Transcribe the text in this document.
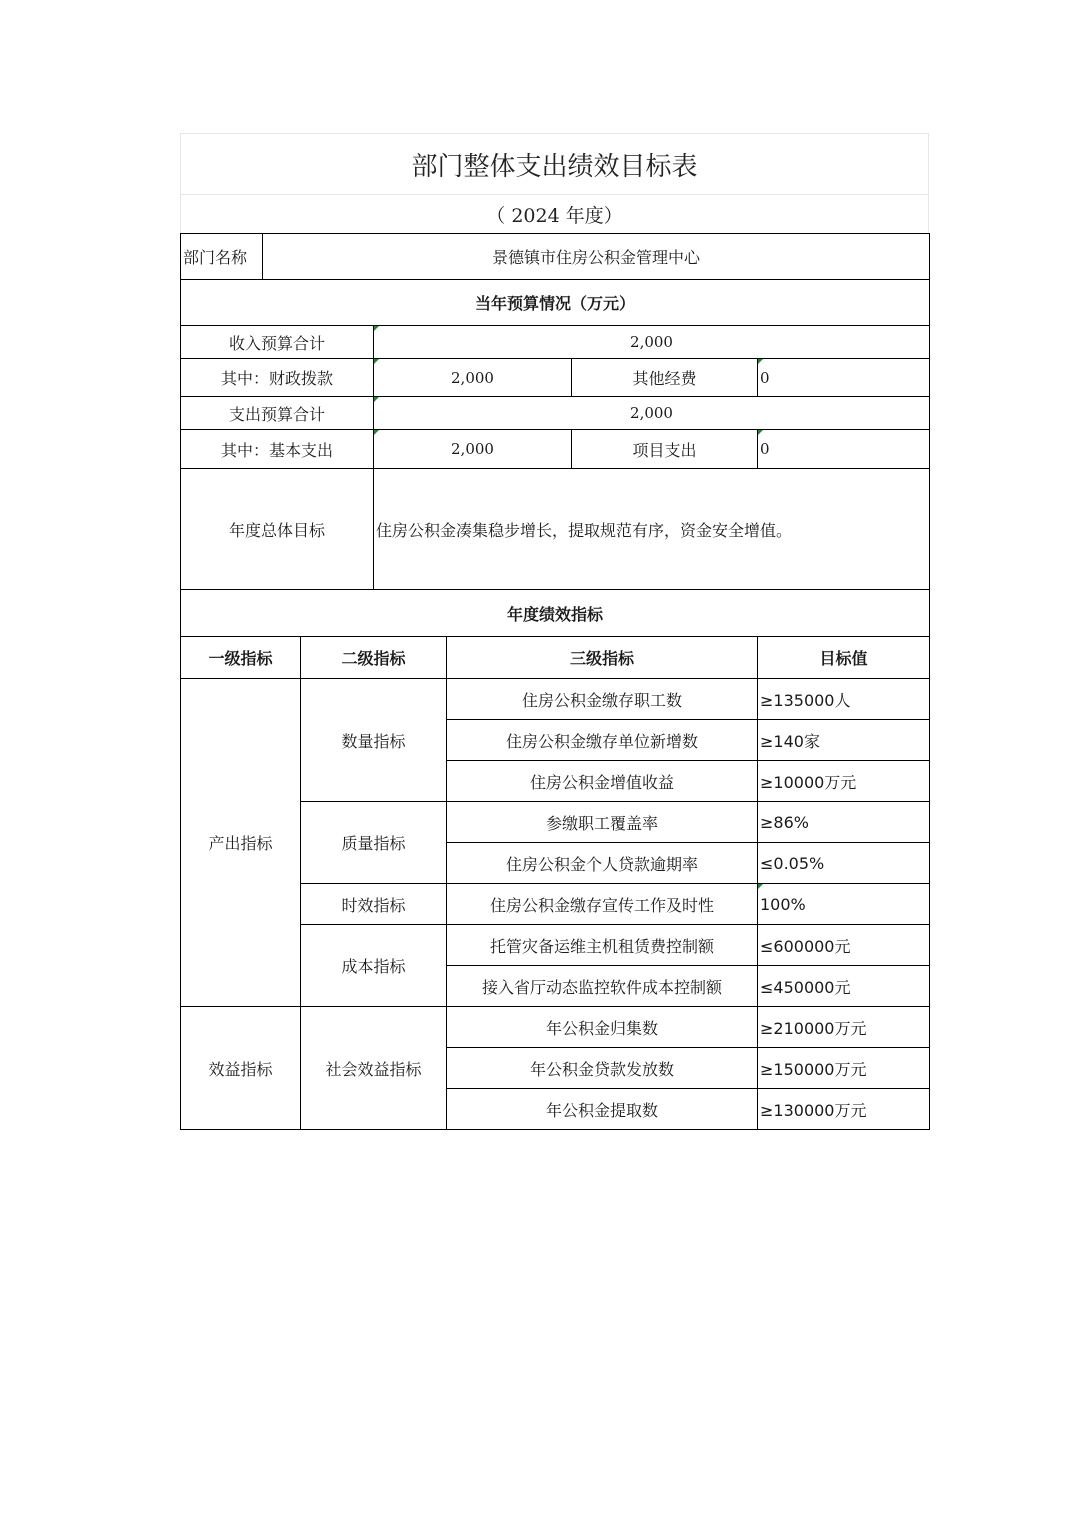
部门整体支出绩效目标表
（ 2024 年度）
部门名称	景德镇市住房公积金管理中心					
当年预算情况（万元）						
收入预算合计			2,000			
其中：财政拨款			2,000		其他经费	0
支出预算合计			2,000			
其中：基本支出			2,000		项目支出	0
年度总体目标			住房公积金凑集稳步增长，提取规范有序，资金安全增值。			
年度绩效指标						
一级指标		二级指标		三级指标		目标值
产出指标		数量指标		住房公积金缴存职工数		≥135000人
				住房公积金缴存单位新增数		≥140家
				住房公积金增值收益		≥10000万元
		质量指标		参缴职工覆盖率		≥86%
				住房公积金个人贷款逾期率		≤0.05%
		时效指标		住房公积金缴存宣传工作及时性		100%
		成本指标		托管灾备运维主机租赁费控制额		≤600000元
				接入省厅动态监控软件成本控制额		≤450000元
效益指标		社会效益指标		年公积金归集数		≥210000万元
				年公积金贷款发放数		≥150000万元
				年公积金提取数		≥130000万元
